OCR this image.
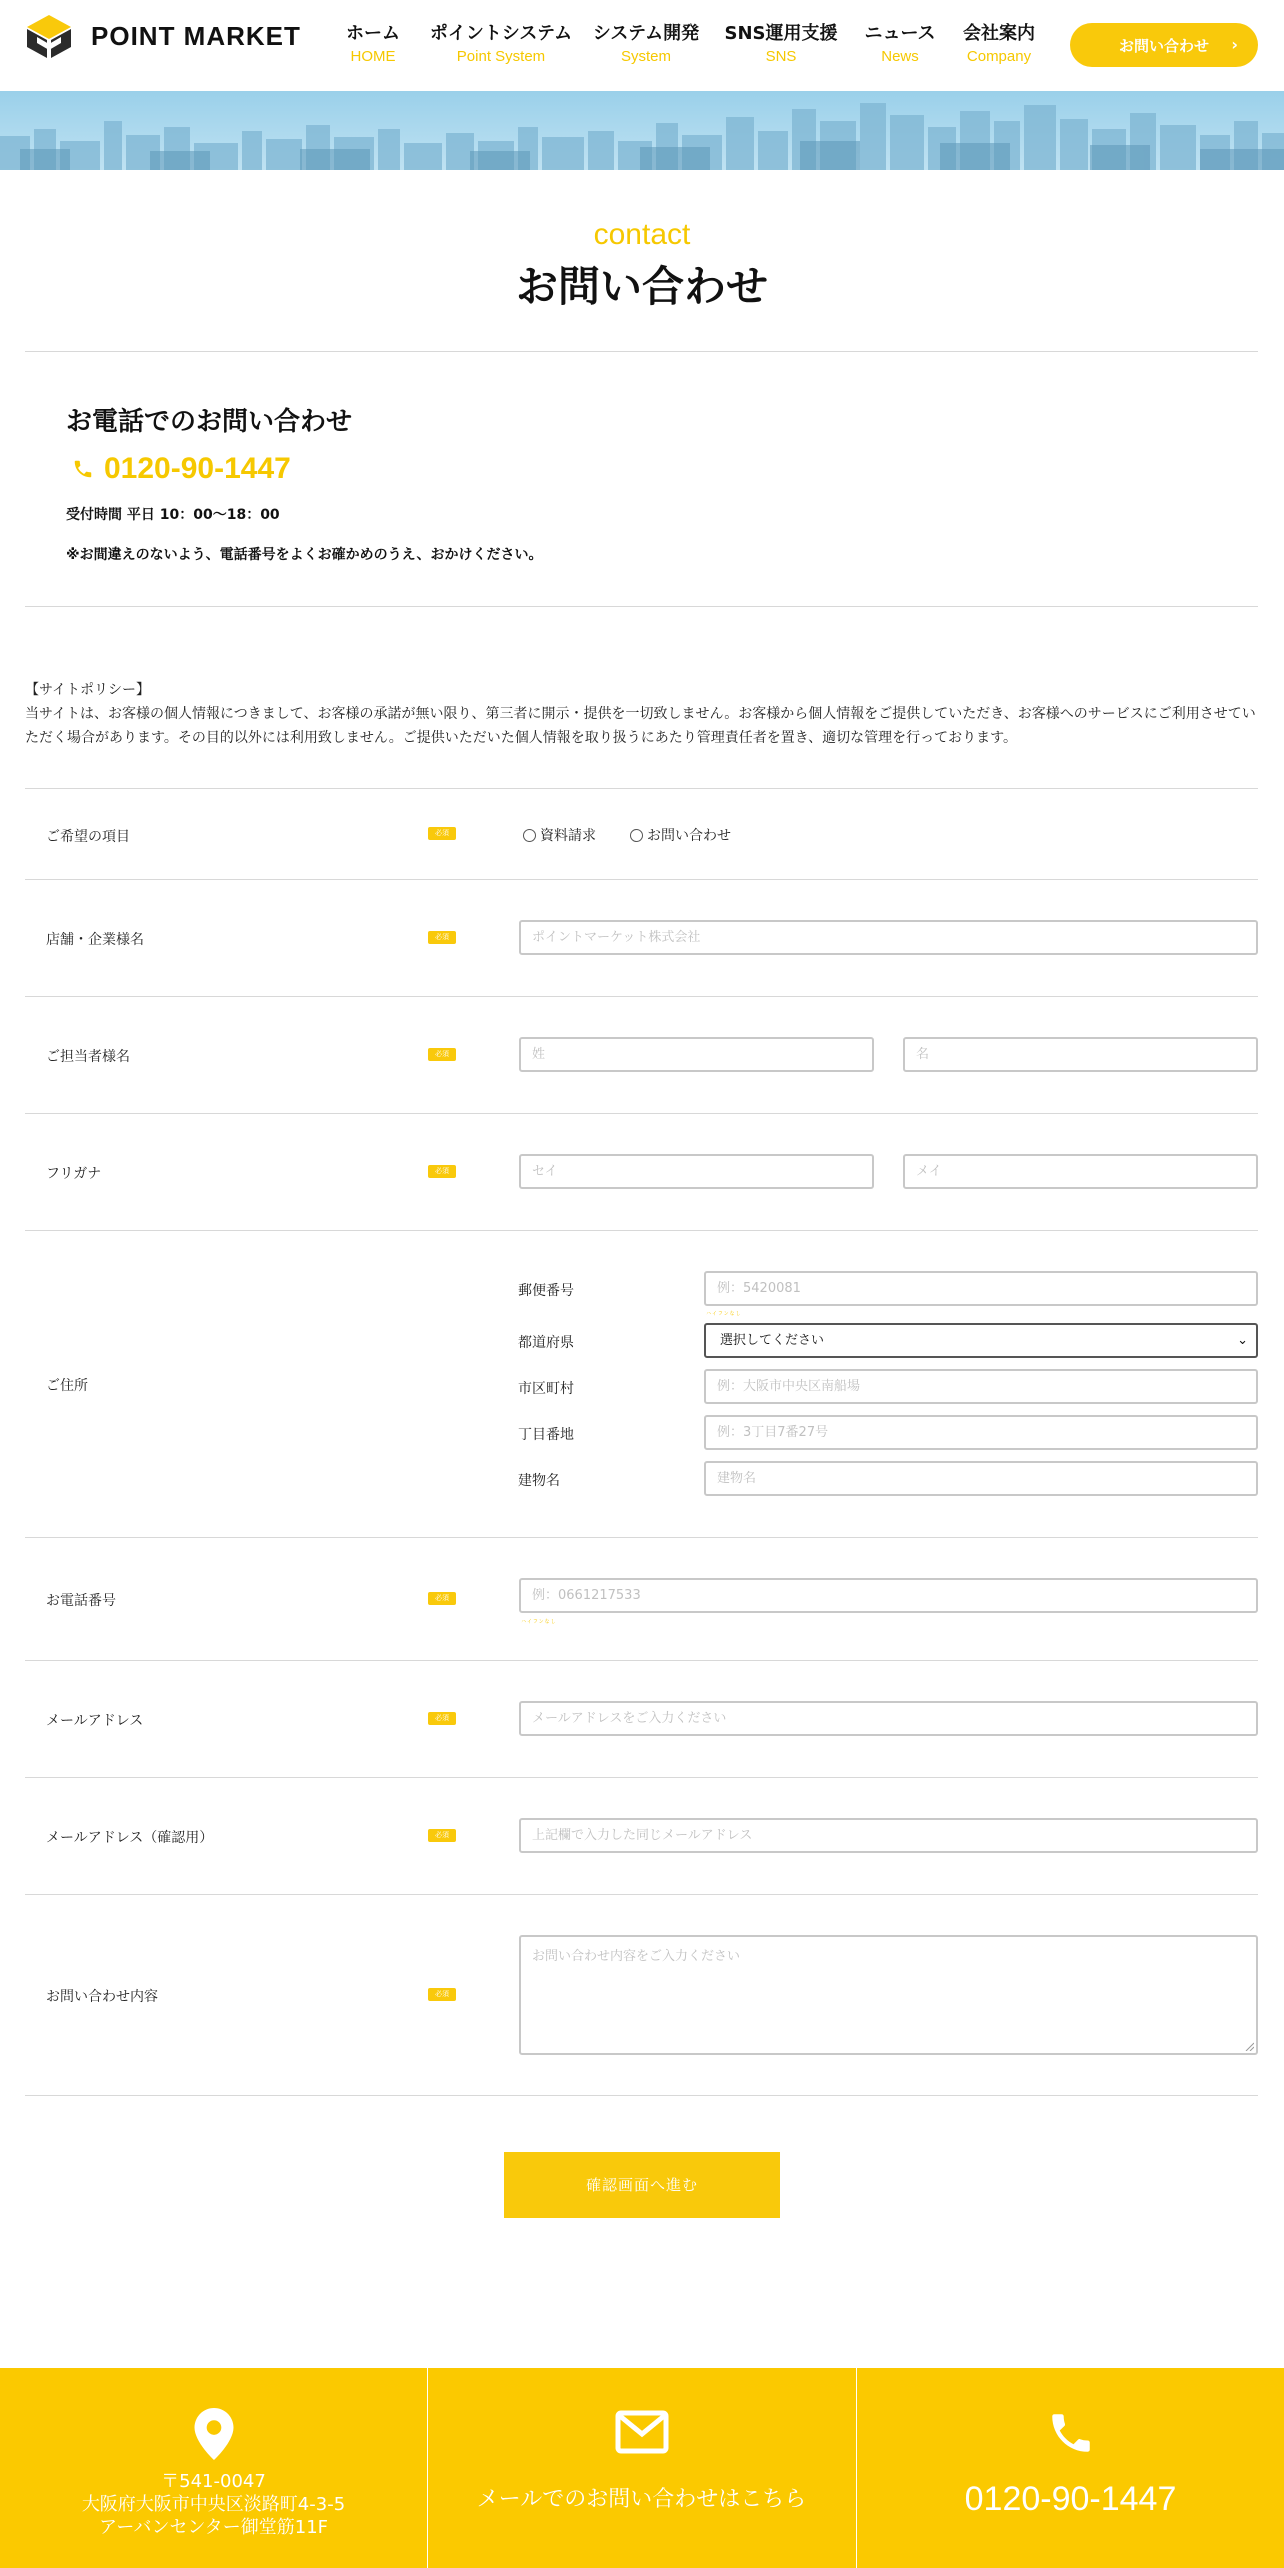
POINT MARKET	ホーム
HOME
ポイントシステム
Point System
システム開発
System
SNS運用支援
SNS
ニュース
News
会社案内
Company
お問い合わせ ›
contact
お問い合わせ
お電話でのお問い合わせ
0120-90-1447
受付時間 平日 10：00～18：00
※お間違えのないよう、電話番号をよくお確かめのうえ、おかけください。
【サイトポリシー】
当サイトは、お客様の個人情報につきまして、お客様の承諾が無い限り、第三者に開示・提供を一切致しません。お客様から個人情報をご提供していただき、お客様へのサービスにご利用させていただく場合があります。その目的以外には利用致しません。ご提供いただいた個人情報を取り扱うにあたり管理責任者を置き、適切な管理を行っております。
ご希望の項目	必須	資料請求	お問い合わせ
店舗・企業様名	必須	ポイントマーケット株式会社
ご担当者様名	必須	姓	名
フリガナ	必須	セイ	メイ
ご住所
郵便番号	例：5420081
ハイフンなし
都道府県	選択してください	⌄
市区町村	例：大阪市中央区南船場
丁目番地	例：3丁目7番27号
建物名	建物名
お電話番号	必須	例：0661217533
ハイフンなし
メールアドレス	必須	メールアドレスをご入力ください
メールアドレス（確認用）	必須	上記欄で入力した同じメールアドレス
お問い合わせ内容	必須
お問い合わせ内容をご入力ください
確認画面へ進む
〒541-0047
大阪府大阪市中央区淡路町4-3-5
アーバンセンター御堂筋11F
メールでのお問い合わせはこちら	0120-90-1447
